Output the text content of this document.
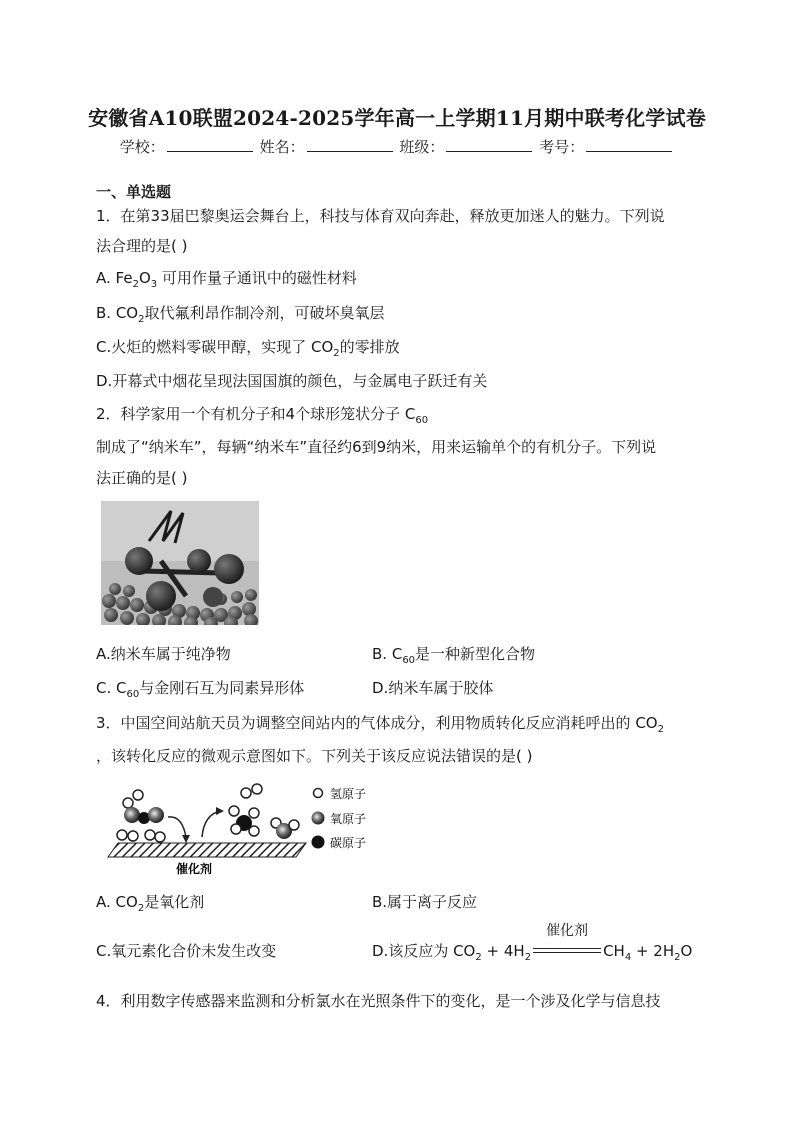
安徽省A10联盟2024-2025学年高一上学期11月期中联考化学试卷
学校：	姓名：	班级：	考号：
一、单选题
1．在第33届巴黎奥运会舞台上，科技与体育双向奔赴，释放更加迷人的魅力。下列说
法合理的是( )
A. $Fe_2O_3$ 可用作量子通讯中的磁性材料
B. $CO_2$取代氟利昂作制冷剂，可破坏臭氧层
C.火炬的燃料零碳甲醇，实现了 $CO_2$的零排放
D.开幕式中烟花呈现法国国旗的颜色，与金属电子跃迁有关
2．科学家用一个有机分子和4个球形笼状分子 $C_{60}$
制成了“纳米车”，每辆“纳米车”直径约6到9纳米，用来运输单个的有机分子。下列说
法正确的是( )
A.纳米车属于纯净物	B. $C_{60}$是一种新型化合物
C. $C_{60}$与金刚石互为同素异形体	D.纳米车属于胶体
3．中国空间站航天员为调整空间站内的气体成分，利用物质转化反应消耗呼出的 $CO_2$
，该转化反应的微观示意图如下。下列关于该反应说法错误的是( )
氢原子
氧原子
碳原子
催化剂
A. $CO_2$是氧化剂	B.属于离子反应
C.氧元素化合价未发生改变	D.该反应为 $CO_2 + 4H_2$
催化剂
$CH_4 + 2H_2O$
4．利用数字传感器来监测和分析氯水在光照条件下的变化，是一个涉及化学与信息技
